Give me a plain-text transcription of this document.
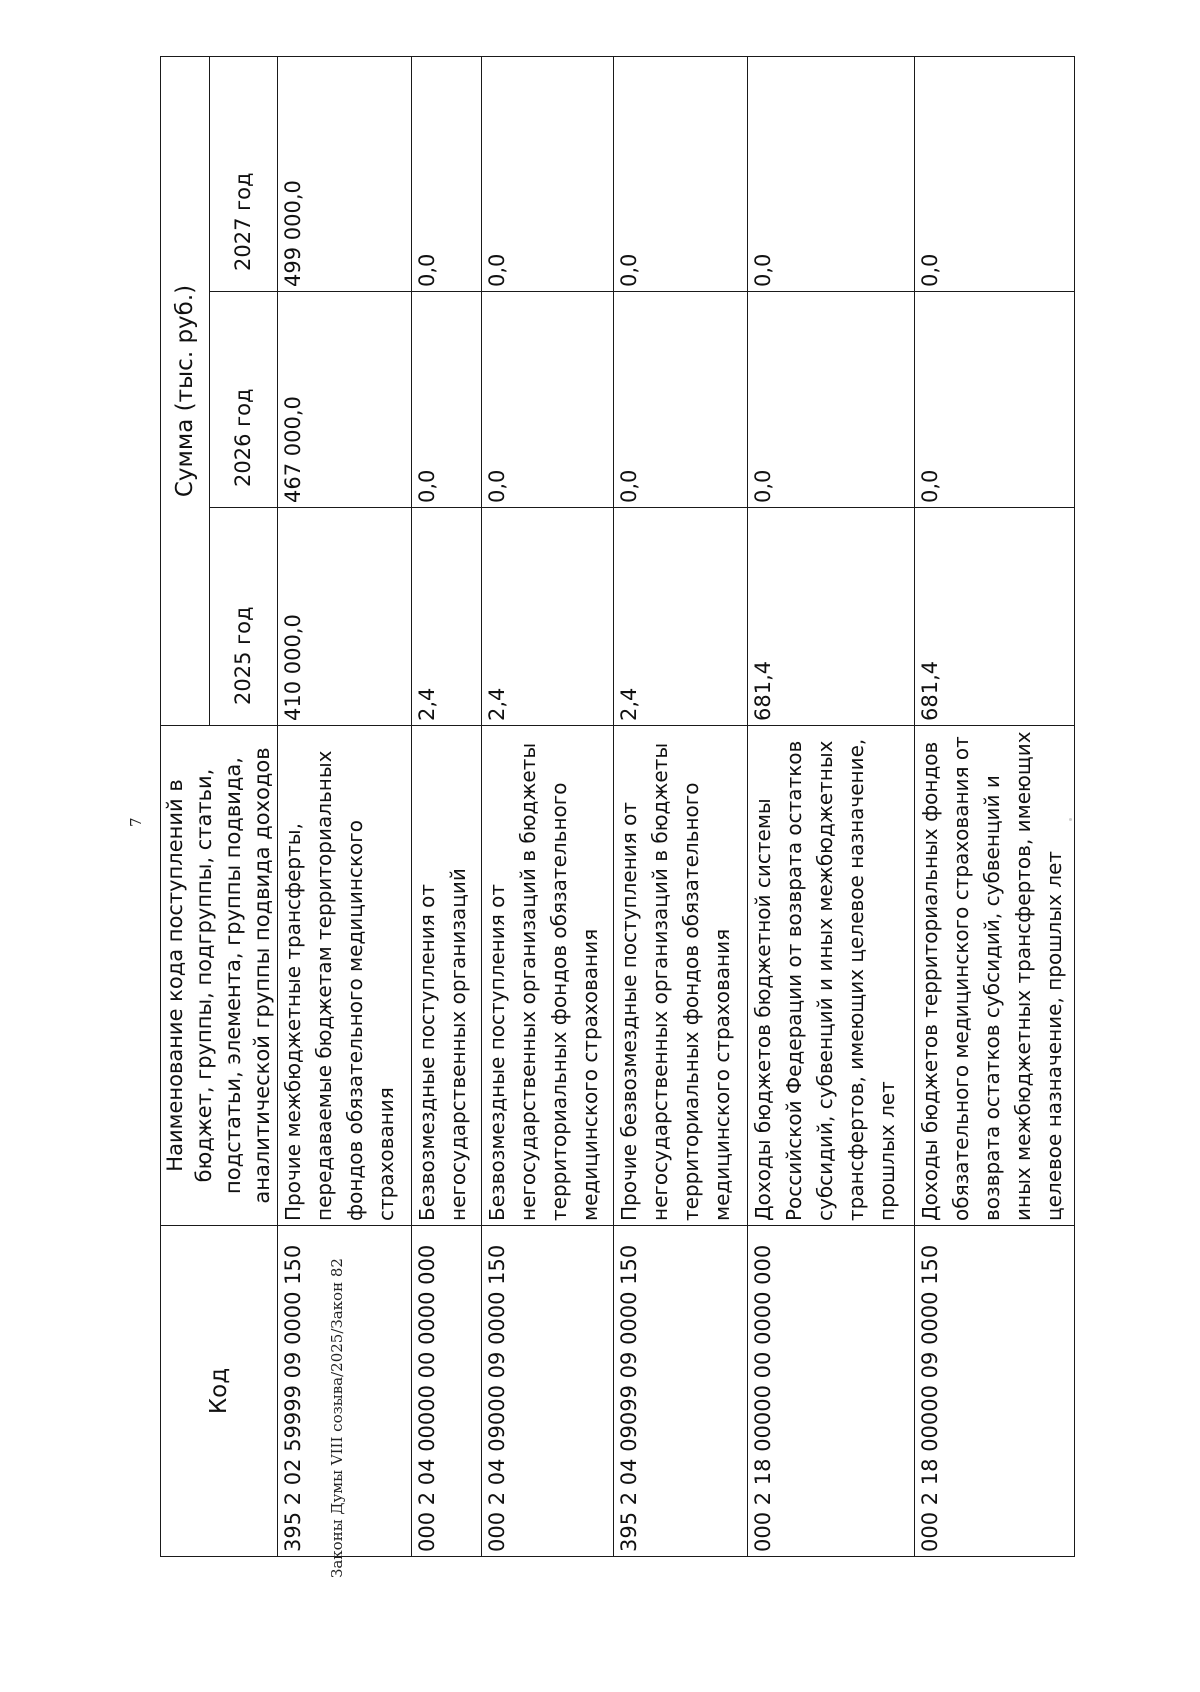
7
Код	Наименование кода поступлений в бюджет, группы, подгруппы, статьи, подстатьи, элемента, группы подвида, аналитической группы подвида доходов	Сумма (тыс. руб.)		
		2025 год	2026 год	2027 год
395 2 02 59999 09 0000 150	Прочие межбюджетные трансферты, передаваемые бюджетам территориальных фондов обязательного медицинского страхования	410 000,0	467 000,0	499 000,0
000 2 04 00000 00 0000 000	Безвозмездные поступления от негосударственных организаций	2,4	0,0	0,0
000 2 04 09000 09 0000 150	Безвозмездные поступления от негосударственных организаций в бюджеты территориальных фондов обязательного медицинского страхования	2,4	0,0	0,0
395 2 04 09099 09 0000 150	Прочие безвозмездные поступления от негосударственных организаций в бюджеты территориальных фондов обязательного медицинского страхования	2,4	0,0	0,0
000 2 18 00000 00 0000 000	Доходы бюджетов бюджетной системы Российской Федерации от возврата остатков субсидий, субвенций и иных межбюджетных трансфертов, имеющих целевое назначение, прошлых лет	681,4	0,0	0,0
000 2 18 00000 09 0000 150	Доходы бюджетов территориальных фондов обязательного медицинского страхования от возврата остатков субсидий, субвенций и иных межбюджетных трансфертов, имеющих целевое назначение, прошлых лет	681,4	0,0	0,0
Законы Думы VIII созыва/2025/Закон 82
